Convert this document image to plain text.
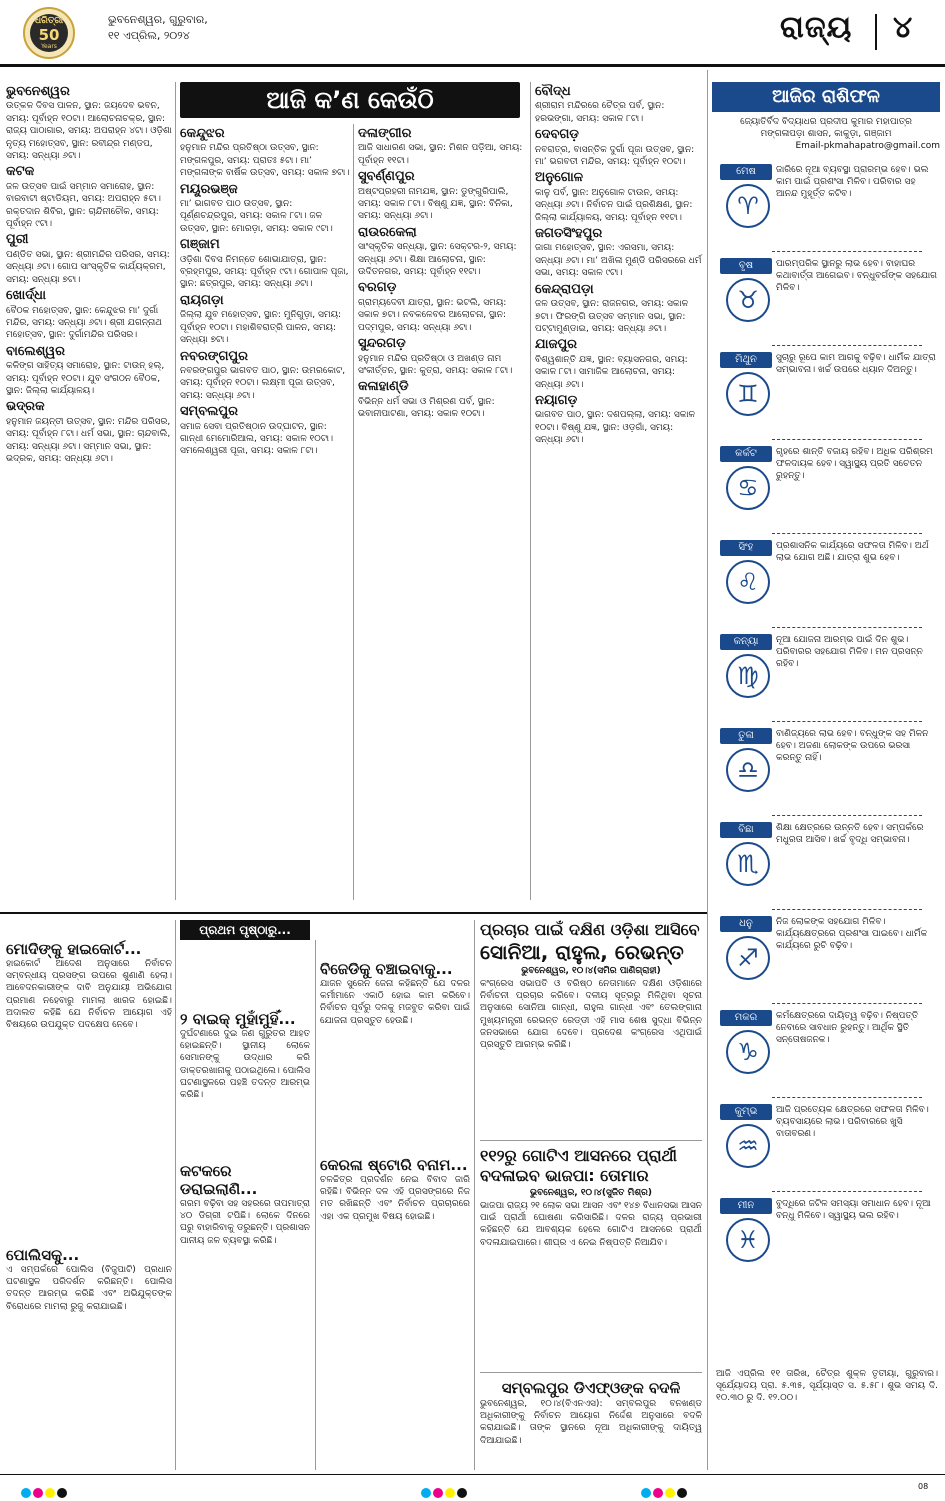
ଧରିତ୍ରୀ
50
Years
ଭୁବନେଶ୍ୱର, ଗୁରୁବାର,
୧୧ ଏପ୍ରିଲ, ୨୦୨୪	ରାଜ୍ୟ ୪
ଆଜି କ’ଣ କେଉଁଠି
ଭୁବନେଶ୍ୱର

ଉତ୍କଳ ଦିବସ ପାଳନ, ସ୍ଥାନ: ଜୟଦେବ ଭବନ, ସମୟ: ପୂର୍ବାହ୍ନ ୧୦ଟା। ଆଲୋଚନାଚକ୍ର, ସ୍ଥାନ: ରାଜ୍ୟ ପାଠାଗାର, ସମୟ: ଅପରାହ୍ନ ୪ଟା। ଓଡ଼ିଶା ନୃତ୍ୟ ମହୋତ୍ସବ, ସ୍ଥାନ: ରବୀନ୍ଦ୍ର ମଣ୍ଡପ, ସମୟ: ସନ୍ଧ୍ୟା ୬ଟା।

କଟକ

ଜଳ ଉତ୍ସବ ପାଇଁ ସମ୍ମାନ ସମାରୋହ, ସ୍ଥାନ: ବାରବାଟୀ ଷ୍ଟାଡିୟମ, ସମୟ: ଅପରାହ୍ନ ୫ଟା। ରକ୍ତଦାନ ଶିବିର, ସ୍ଥାନ: ଚାନ୍ଦିନୀଚୌକ, ସମୟ: ପୂର୍ବାହ୍ନ ୯ଟା।

ପୁରୀ

ପଣ୍ଡିତ ସଭା, ସ୍ଥାନ: ଶ୍ରୀମନ୍ଦିର ପରିସର, ସମୟ: ସନ୍ଧ୍ୟା ୬ଟା। ଗୋପ ସାଂସ୍କୃତିକ କାର୍ଯ୍ୟକ୍ରମ, ସମୟ: ସନ୍ଧ୍ୟା ୭ଟା।

ଖୋର୍ଦ୍ଧା

ବୈଠକ ମହୋତ୍ସବ, ସ୍ଥାନ: କେନ୍ଦୁଝର ମା’ ଦୁର୍ଗା ମନ୍ଦିର, ସମୟ: ସନ୍ଧ୍ୟା ୬ଟା। ଶ୍ରୀ ଯଗନ୍ନାଥ ମହୋତ୍ସବ, ସ୍ଥାନ: ଦୁର୍ଗାମନ୍ଦିର ପରିସର।

ବାଲେଶ୍ୱର

କଳିଙ୍ଗ ସାହିତ୍ୟ ସମାରୋହ, ସ୍ଥାନ: ଟାଉନ୍ ହଲ୍, ସମୟ: ପୂର୍ବାହ୍ନ ୧୦ଟା। ଯୁବ ସଂଗଠନ ବୈଠକ, ସ୍ଥାନ: ଜିଲ୍ଲା କାର୍ଯ୍ୟାଳୟ।

ଭଦ୍ରକ

ହନୁମାନ ଜୟନ୍ତୀ ଉତ୍ସବ, ସ୍ଥାନ: ମନ୍ଦିର ପରିସର, ସମୟ: ପୂର୍ବାହ୍ନ ୮ଟା। ଧର୍ମ ସଭା, ସ୍ଥାନ: ଚାନ୍ଦବାଲି, ସମୟ: ସନ୍ଧ୍ୟା ୬ଟା। ସମ୍ମାନ ସଭା, ସ୍ଥାନ: ଭଦ୍ରକ, ସମୟ: ସନ୍ଧ୍ୟା ୬ଟା।

କେନ୍ଦୁଝର

ହନୁମାନ ମନ୍ଦିର ପ୍ରତିଷ୍ଠା ଉତ୍ସବ, ସ୍ଥାନ: ମଙ୍ଗଳପୁର, ସମୟ: ପ୍ରାତଃ ୫ଟା। ମା’ ମଙ୍ଗଳାଙ୍କ ବାର୍ଷିକ ଉତ୍ସବ, ସମୟ: ସକାଳ ୭ଟା।

ମୟୂରଭଞ୍ଜ

ମା’ ଭାଗବତ ପାଠ ଉତ୍ସବ, ସ୍ଥାନ: ପୂର୍ଣ୍ଣଚନ୍ଦ୍ରପୁର, ସମୟ: ସକାଳ ୮ଟା। ଜଳ ଉତ୍ସବ, ସ୍ଥାନ: ମୋରଡ଼ା, ସମୟ: ସକାଳ ୯ଟା।

ଗଞ୍ଜାମ

ଓଡ଼ିଶା ଦିବସ ନିମନ୍ତେ ଶୋଭାଯାତ୍ରା, ସ୍ଥାନ: ବ୍ରହ୍ମପୁର, ସମୟ: ପୂର୍ବାହ୍ନ ୯ଟା। ଗୋପାଳ ପୂଜା, ସ୍ଥାନ: ଛତ୍ରପୁର, ସମୟ: ସନ୍ଧ୍ୟା ୬ଟା।

ରାୟଗଡ଼ା

ଜିଲ୍ଲା ଯୁବ ମହୋତ୍ସବ, ସ୍ଥାନ: ମୁନିଗୁଡ଼ା, ସମୟ: ପୂର୍ବାହ୍ନ ୧୦ଟା। ମହାଶିବରାତ୍ରି ପାଳନ, ସମୟ: ସନ୍ଧ୍ୟା ୭ଟା।

ନବରଙ୍ଗପୁର

ନବରଙ୍ଗପୁର ଭାଗବତ ପାଠ, ସ୍ଥାନ: ଉମରକୋଟ, ସମୟ: ପୂର୍ବାହ୍ନ ୧୦ଟା। ଲକ୍ଷ୍ମୀ ପୂଜା ଉତ୍ସବ, ସମୟ: ସନ୍ଧ୍ୟା ୬ଟା।

ସମ୍ବଲପୁର

ସମାଜ ସେବା ପ୍ରତିଷ୍ଠାନ ଉଦ୍‌ଘାଟନ, ସ୍ଥାନ: ଗାନ୍ଧୀ ମେମୋରିଆଲ, ସମୟ: ସକାଳ ୧୦ଟା। ସମଲେଶ୍ୱରୀ ପୂଜା, ସମୟ: ସକାଳ ୮ଟା।

ଦଳାଙ୍ଗୀର

ଆଜି ସାଧାରଣ ସଭା, ସ୍ଥାନ: ମିଶନ ପଡ଼ିଆ, ସମୟ: ପୂର୍ବାହ୍ନ ୧୧ଟା।

ସୁବର୍ଣ୍ଣପୁର

ଅଷ୍ଟପ୍ରହରୀ ନାମଯଜ୍ଞ, ସ୍ଥାନ: ଡୁଙ୍ଗୁରିପାଲି, ସମୟ: ସକାଳ ୮ଟା। ବିଷ୍ଣୁ ଯଜ୍ଞ, ସ୍ଥାନ: ବିନିକା, ସମୟ: ସନ୍ଧ୍ୟା ୬ଟା।

ରାଉରକେଲା

ସାଂସ୍କୃତିକ ସନ୍ଧ୍ୟା, ସ୍ଥାନ: ସେକ୍ଟର-୨, ସମୟ: ସନ୍ଧ୍ୟା ୬ଟା। ଶିକ୍ଷା ଆଲୋଚନା, ସ୍ଥାନ: ଉଦିତନଗର, ସମୟ: ପୂର୍ବାହ୍ନ ୧୧ଟା।

ବରଗଡ଼

ଗ୍ରାମ୍ୟଦେବୀ ଯାତ୍ରା, ସ୍ଥାନ: ଭଟଲି, ସମୟ: ସକାଳ ୭ଟା। ନବକଳେବର ଆଲୋଚନା, ସ୍ଥାନ: ପଦ୍ମପୁର, ସମୟ: ସନ୍ଧ୍ୟା ୬ଟା।

ସୁନ୍ଦରଗଡ଼

ହନୁମାନ ମନ୍ଦିର ପ୍ରତିଷ୍ଠା ଓ ଅଖଣ୍ଡ ନାମ ସଂକୀର୍ତ୍ତନ, ସ୍ଥାନ: କୁତ୍ରା, ସମୟ: ସକାଳ ୮ଟା।

କଳାହାଣ୍ଡି

ବିଭିନ୍ନ ଧର୍ମ ସଭା ଓ ମିଶ୍ରଣ ପର୍ବ, ସ୍ଥାନ: ଭବାନୀପାଟଣା, ସମୟ: ସକାଳ ୧୦ଟା।

ବୌଦ୍ଧ

ଶ୍ରୀରାମ ମନ୍ଦିରରେ ଚୈତ୍ର ପର୍ବ, ସ୍ଥାନ: ହରଭଙ୍ଗା, ସମୟ: ସକାଳ ୮ଟା।

ଦେବଗଡ଼

ନବରାତ୍ର, ବାସନ୍ତିକ ଦୁର୍ଗା ପୂଜା ଉତ୍ସବ, ସ୍ଥାନ: ମା’ ଭଗବତୀ ମନ୍ଦିର, ସମୟ: ପୂର୍ବାହ୍ନ ୧୦ଟା।

ଅନୁଗୋଳ

କାଳୁ ପର୍ବ, ସ୍ଥାନ: ଅନୁଗୋଳ ଟାଉନ, ସମୟ: ସନ୍ଧ୍ୟା ୬ଟା। ନିର୍ବାଚନ ପାଇଁ ପ୍ରଶିକ୍ଷଣ, ସ୍ଥାନ: ଜିଲ୍ଲା କାର୍ଯ୍ୟାଳୟ, ସମୟ: ପୂର୍ବାହ୍ନ ୧୧ଟା।

ଜଗତସିଂହପୁର

ଜାଗା ମହୋତ୍ସବ, ସ୍ଥାନ: ଏରସମା, ସମୟ: ସନ୍ଧ୍ୟା ୬ଟା। ମା’ ଅଖିଳା ମୁଣ୍ଡି ପରିସରରେ ଧର୍ମ ସଭା, ସମୟ: ସକାଳ ୯ଟା।

କେନ୍ଦ୍ରାପଡ଼ା

ଜଳ ଉତ୍ସବ, ସ୍ଥାନ: ରାଜନଗର, ସମୟ: ସକାଳ ୭ଟା। ଫିରଙ୍ଗି ଉତ୍ସବ ସମ୍ମାନ ସଭା, ସ୍ଥାନ: ପଟ୍ଟାମୁଣ୍ଡାଇ, ସମୟ: ସନ୍ଧ୍ୟା ୬ଟା।

ଯାଜପୁର

ବିଶ୍ୱଶାନ୍ତି ଯଜ୍ଞ, ସ୍ଥାନ: ବ୍ୟାସନଗର, ସମୟ: ସକାଳ ୮ଟା। ସାମାଜିକ ଆଲୋଚନା, ସମୟ: ସନ୍ଧ୍ୟା ୬ଟା।

ନୟାଗଡ଼

ଭାଗବତ ପାଠ, ସ୍ଥାନ: ଦଶପଲ୍ଲା, ସମୟ: ସକାଳ ୧୦ଟା। ବିଷ୍ଣୁ ଯଜ୍ଞ, ସ୍ଥାନ: ଓଡ଼ଗାଁ, ସମୟ: ସନ୍ଧ୍ୟା ୬ଟା।

ଆଜିର ରାଶିଫଳ
ଜ୍ୟୋତିର୍ବିଦ ବିଦ୍ୟାଧର ପ୍ରଦୀପ କୁମାର ମହାପାତ୍ର
ମଙ୍ଗଳାପଡ଼ା ଶାସନ, କାକୁଡ଼ା, ଗଞ୍ଜାମ
Email-pkmahapatro@gmail.com
ମେଷ
♈
ଜାରିରେ ନୂଆ ବ୍ୟବସ୍ଥା ପ୍ରାରମ୍ଭ ହେବ। ଭଲ କାମ ପାଇଁ ପ୍ରଶଂସା ମିଳିବ। ପରିବାର ସହ ଆନନ୍ଦ ମୁହୂର୍ତ୍ତ କଟିବ।
ବୃଷ
♉
ପାରମ୍ପରିକ ସ୍ଥାନରୁ ଲାଭ ହେବ। ବାହାଘର କଥାବାର୍ତ୍ତା ଆଗେଇବ। ବନ୍ଧୁବର୍ଗଙ୍କ ସହଯୋଗ ମିଳିବ।
ମିଥୁନ
♊
ସୁଚାରୁ ରୂପେ କାମ ଆଗକୁ ବଢ଼ିବ। ଧାର୍ମିକ ଯାତ୍ରା ସମ୍ଭାବନା। ଖର୍ଚ୍ଚ ଉପରେ ଧ୍ୟାନ ଦିଅନ୍ତୁ।
କର୍କଟ
♋
ଗୃହରେ ଶାନ୍ତି ବଜାୟ ରହିବ। ଅଧିକ ପରିଶ୍ରମ ଫଳଦାୟକ ହେବ। ସ୍ୱାସ୍ଥ୍ୟ ପ୍ରତି ସଚେତନ ରୁହନ୍ତୁ।
ସିଂହ
♌
ପ୍ରଶାସନିକ କାର୍ଯ୍ୟରେ ସଫଳତା ମିଳିବ। ଅର୍ଥ ଲାଭ ଯୋଗ ଅଛି। ଯାତ୍ରା ଶୁଭ ହେବ।
କନ୍ୟା
♍
ନୂଆ ଯୋଜନା ଆରମ୍ଭ ପାଇଁ ଦିନ ଶୁଭ। ପରିବାରର ସହଯୋଗ ମିଳିବ। ମନ ପ୍ରସନ୍ନ ରହିବ।
ତୁଳା
♎
ବାଣିଜ୍ୟରେ ଲାଭ ହେବ। ବନ୍ଧୁଙ୍କ ସହ ମିଳନ ହେବ। ଅଜଣା ଲୋକଙ୍କ ଉପରେ ଭରସା କରନ୍ତୁ ନାହିଁ।
ବିଛା
♏
ଶିକ୍ଷା କ୍ଷେତ୍ରରେ ଉନ୍ନତି ହେବ। ସମ୍ପର୍କରେ ମଧୁରତା ଆସିବ। ଖର୍ଚ୍ଚ ବୃଦ୍ଧି ସମ୍ଭାବନା।
ଧନୁ
♐
ନିଜ ଲୋକଙ୍କ ସହଯୋଗ ମିଳିବ। କାର୍ଯ୍ୟକ୍ଷେତ୍ରରେ ପ୍ରଶଂସା ପାଇବେ। ଧାର୍ମିକ କାର୍ଯ୍ୟରେ ରୁଚି ବଢ଼ିବ।
ମକର
♑
କର୍ମକ୍ଷେତ୍ରରେ ଦାୟିତ୍ୱ ବଢ଼ିବ। ନିଷ୍ପତ୍ତି ନେବାରେ ସାବଧାନ ରୁହନ୍ତୁ। ଆର୍ଥିକ ସ୍ଥିତି ସନ୍ତୋଷଜନକ।
କୁମ୍ଭ
♒
ଆଜି ପ୍ରତ୍ୟେକ କ୍ଷେତ୍ରରେ ସଫଳତା ମିଳିବ। ବ୍ୟବସାୟରେ ଲାଭ। ପରିବାରରେ ଖୁସି ବାତାବରଣ।
ମୀନ
♓
ବୁଦ୍ଧିରେ ଜଟିଳ ସମସ୍ୟା ସମାଧାନ ହେବ। ନୂଆ ବନ୍ଧୁ ମିଳିବେ। ସ୍ୱାସ୍ଥ୍ୟ ଭଲ ରହିବ।
ଆଜି ଏପ୍ରିଲ ୧୧ ତାରିଖ, ଚୈତ୍ର ଶୁକ୍ଳ ତୃତୀୟା, ଗୁରୁବାର। ସୂର୍ଯ୍ୟୋଦୟ ପ୍ରା. ୫.୩୫, ସୂର୍ଯ୍ୟାସ୍ତ ସ. ୫.୫୮। ଶୁଭ ସମୟ ଦି. ୧୦.୩୦ ରୁ ଦି. ୧୨.୦୦।
ପ୍ରଥମ ପୃଷ୍ଠାରୁ...
ମୋଦିଙ୍କୁ ହାଇକୋର୍ଟ...
ହାଇକୋର୍ଟ ଆଦେଶ ଅନୁସାରେ ନିର୍ବାଚନ ସମ୍ବନ୍ଧୀୟ ପ୍ରସଙ୍ଗ ଉପରେ ଶୁଣାଣି ହେଲା। ଆବେଦନକାରୀଙ୍କ ଦାବି ଅନୁଯାୟୀ ଅଭିଯୋଗ ପ୍ରମାଣ ନହେବାରୁ ମାମଲା ଖାରଜ ହୋଇଛି। ଅଦାଲତ କହିଛି ଯେ ନିର୍ବାଚନ ଆୟୋଗ ଏହି ବିଷୟରେ ଉପଯୁକ୍ତ ପଦକ୍ଷେପ ନେବେ।
ପୋଲିସକୁ...
ଏ ସମ୍ପର୍କରେ ପୋଲିସ (ବିଜୁପାଟି) ପ୍ରଧାନ ଘଟଣାସ୍ଥଳ ପରିଦର୍ଶନ କରିଛନ୍ତି। ପୋଲିସ ତଦନ୍ତ ଆରମ୍ଭ କରିଛି ଏବଂ ଅଭିଯୁକ୍ତଙ୍କ ବିରୋଧରେ ମାମଲା ରୁଜୁ କରାଯାଇଛି।
୨ ବାଇକ୍ ମୁହାଁମୁହିଁ...
ଦୁର୍ଘଟଣାରେ ଦୁଇ ଜଣ ଗୁରୁତର ଆହତ ହୋଇଛନ୍ତି। ସ୍ଥାନୀୟ ଲୋକେ ସେମାନଙ୍କୁ ଉଦ୍ଧାର କରି ଡାକ୍ତରଖାନାକୁ ପଠାଇଥିଲେ। ପୋଲିସ ଘଟଣାସ୍ଥଳରେ ପହଞ୍ଚି ତଦନ୍ତ ଆରମ୍ଭ କରିଛି।
କଟକରେ ଡରାଇଲାଣି...
ଗରମ ବଢ଼ିବା ସହ ସହରରେ ତାପମାତ୍ରା ୪୦ ଡିଗ୍ରୀ ଟପିଛି। ଲୋକେ ଦିନରେ ଘରୁ ବାହାରିବାକୁ ଡରୁଛନ୍ତି। ପ୍ରଶାସନ ପାନୀୟ ଜଳ ବ୍ୟବସ୍ଥା କରିଛି।
ବିଜେଡିକୁ ବଞ୍ଚାଇବାକୁ...
ଯାଜନ ସୁରେନ ଜେନା କହିଛନ୍ତି ଯେ ଦଳର କର୍ମୀମାନେ ଏକାଠି ହୋଇ କାମ କରିବେ। ନିର୍ବାଚନ ପୂର୍ବରୁ ଦଳକୁ ମଜବୁତ କରିବା ପାଇଁ ଯୋଜନା ପ୍ରସ୍ତୁତ ହେଉଛି।
କେରଳା ଷ୍ଟୋରି ବନାମ...
ଚଳଚ୍ଚିତ୍ର ପ୍ରଦର୍ଶନ ନେଇ ବିବାଦ ଜାରି ରହିଛି। ବିଭିନ୍ନ ଦଳ ଏହି ପ୍ରସଙ୍ଗରେ ନିଜ ମତ ରଖିଛନ୍ତି ଏବଂ ନିର୍ବାଚନ ପ୍ରଚାରରେ ଏହା ଏକ ପ୍ରମୁଖ ବିଷୟ ହୋଇଛି।
ପ୍ରଚାର ପାଇଁ ଦକ୍ଷିଣ ଓଡ଼ିଶା ଆସିବେ
ସୋନିଆ, ରାହୁଲ, ରେଭନ୍ତ
ଭୁବନେଶ୍ୱର, ୧୦।୪(ସମିର ପାଣିଗ୍ରାହୀ)
କଂଗ୍ରେସ ସଭାପତି ଓ ବରିଷ୍ଠ ନେତାମାନେ ଦକ୍ଷିଣ ଓଡ଼ିଶାରେ ନିର୍ବାଚନୀ ପ୍ରଚାର କରିବେ। ଦଳୀୟ ସୂତ୍ରରୁ ମିଳିଥିବା ସୂଚନା ଅନୁସାରେ ସୋନିଆ ଗାନ୍ଧୀ, ରାହୁଲ ଗାନ୍ଧୀ ଏବଂ ତେଲଙ୍ଗାନା ମୁଖ୍ୟମନ୍ତ୍ରୀ ରେଭନ୍ତ ରେଡ୍ଡୀ ଏହି ମାସ ଶେଷ ସୁଦ୍ଧା ବିଭିନ୍ନ ଜନସଭାରେ ଯୋଗ ଦେବେ। ପ୍ରଦେଶ କଂଗ୍ରେସ ଏଥିପାଇଁ ପ୍ରସ୍ତୁତି ଆରମ୍ଭ କରିଛି।
୧୧୨ରୁ ଗୋଟିଏ ଆସନରେ ପ୍ରାର୍ଥୀ
ବଦଳାଇବ ଭାଜପା: ତୋମାର
ଭୁବନେଶ୍ୱର, ୧୦।୪(ସୁଜିତ ମିଶ୍ର)
ଭାଜପା ରାଜ୍ୟ ୨୧ ଲୋକ ସଭା ଆସନ ଏବଂ ୧୪୭ ବିଧାନସଭା ଆସନ ପାଇଁ ପ୍ରାର୍ଥୀ ଘୋଷଣା କରିସାରିଛି। ଦଳର ରାଜ୍ୟ ପ୍ରଭାରୀ କହିଛନ୍ତି ଯେ ଆବଶ୍ୟକ ହେଲେ ଗୋଟିଏ ଆସନରେ ପ୍ରାର୍ଥୀ ବଦଳାଯାଇପାରେ। ଶୀଘ୍ର ଏ ନେଇ ନିଷ୍ପତ୍ତି ନିଆଯିବ।
ସମ୍ବଲପୁର ଡିଏଫ୍‌ଓଙ୍କ ବଦଳି
ଭୁବନେଶ୍ୱର, ୧୦।୪(ବିଏନଏସ): ସମ୍ବଲପୁର ବନଖଣ୍ଡ ଅଧିକାରୀଙ୍କୁ ନିର୍ବାଚନ ଆୟୋଗ ନିର୍ଦ୍ଦେଶ ଅନୁସାରେ ବଦଳି କରାଯାଇଛି। ତାଙ୍କ ସ୍ଥାନରେ ନୂଆ ଅଧିକାରୀଙ୍କୁ ଦାୟିତ୍ୱ ଦିଆଯାଇଛି।
08
